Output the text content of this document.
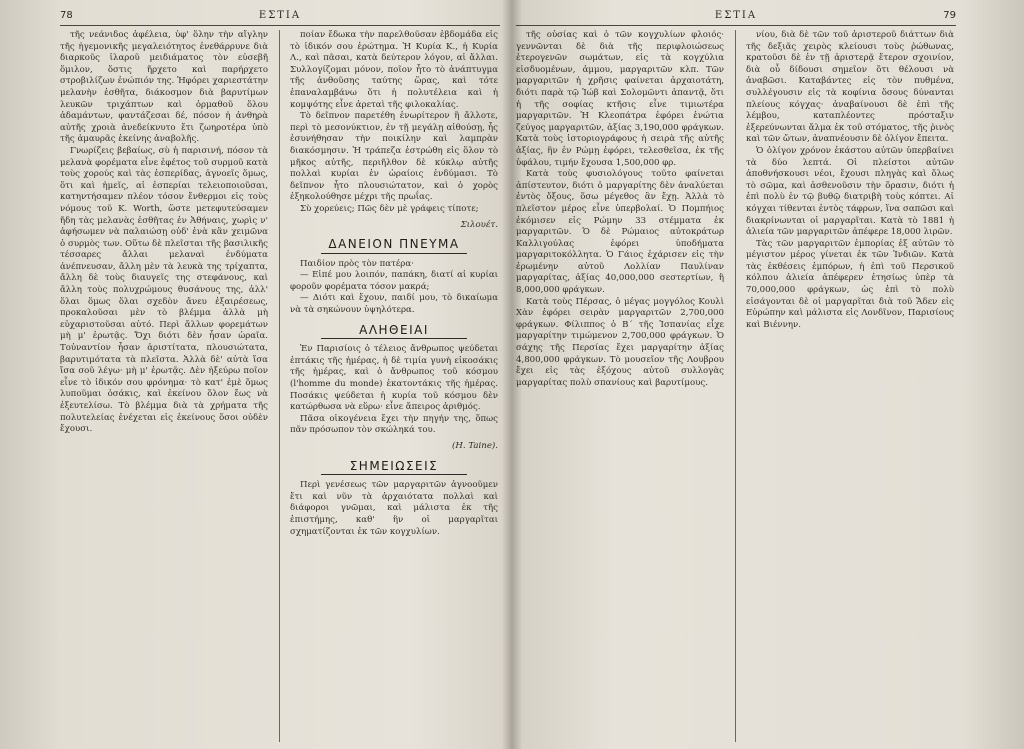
78	ΕΣΤΙΑ

τῆς νεάνιδος ἀφέλεια, ὑφ' ὅλην τὴν αἴγλην τῆς ἡγεμονικῆς μεγαλειότητος ἐνεθάρρυνε διὰ διαρκοῦς ἱλαροῦ μειδιάματος τὸν εὐσεβῆ ὅμιλον, ὅστις ἤρχετο καὶ παρήρχετο στροβιλίζων ἐνώπιόν της. Ἠφόρει χαριεστάτην μελανὴν ἐσθῆτα, διάκοσμον διὰ βαρυτίμων λευκῶν τριχάπτων καὶ ὁρμαθοῦ ὅλου ἀδαμάντων, φαντάζεσαι δέ, πόσον ἡ ἀνθηρὰ αὐτῆς χροιὰ ἀνεδείκνυτο ἔτι ζωηροτέρα ὑπὸ τῆς ἀμαυρᾶς ἐκείνης ἀναβολῆς.

Γνωρίζεις βεβαίως, σὺ ἡ παρισινή, πόσον τὰ μελανὰ φορέματα εἶνε ἐφέτος τοῦ συρμοῦ κατὰ τοὺς χορούς καὶ τὰς ἑσπερίδας, ἀγνοεῖς ὅμως, ὅτι καὶ ἡμεῖς, αἱ ἐσπερίαι τελειοποιοῦσαι, κατηντήσαμεν πλέον τόσον ἔνθερμοι εἰς τοὺς νόμους τοῦ K. Worth, ὥστε μετεφυτεύσαμεν ἤδη τὰς μελανὰς ἐσθῆτας ἐν Ἀθήναις, χωρὶς ν' ἀφήσωμεν νὰ παλαιώσῃ οὐδ' ἐνὰ κἂν χειμῶνα ὁ συρμὸς των. Οὕτω δὲ πλεῖσται τῆς βασιλικῆς τέσσαρες ἄλλαι μελαναὶ ἐνδύματα ἀνέπνευσαν, ἄλλη μὲν τὰ λευκὰ της τρίχαπτα, ἄλλη δὲ τοὺς διαυγεῖς της στεφάνους, καὶ ἄλλη τοὺς πολυχρώμους θυσάνους της, ἀλλ' ὅλαι ὅμως ὅλαι σχεδὸν ἄνευ ἐξαιρέσεως, προκαλοῦσαι μὲν τὸ βλέμμα ἀλλὰ μὴ εὐχαριστοῦσαι αὐτό. Περὶ ἄλλων φορεμάτων μὴ μ' ἐρωτᾷς. Ὄχι διότι δὲν ἦσαν ὡραῖα. Τοὐναντίον ἦσαν ἀριστίτατα, πλουσιώτατα, βαρυτιμότατα τὰ πλεῖστα. Ἀλλὰ δὲ' αὐτὰ ἴσα ἴσα σοῦ λέγω· μὴ μ' ἐρωτᾷς. Δὲν ἠξεύρω ποῖον εἶνε τὸ ἰδικόν σου φρόνημα· τὸ κατ' ἐμὲ ὅμως λυποῦμαι ὁσάκις, καὶ ἐκείνου ὅλον ἔως νὰ ἐξευτελίσω. Τὸ βλέμμα διὰ τὰ χρήματα τῆς πολυτελείας ἐνέχεται εἰς ἐκείνους ὅσοι οὐδὲν ἔχουσι.

ποίαν ἔδωκα τὴν παρελθοῦσαν ἑβδομάδα εἰς τὸ ἰδικόν σου ἐρώτημα. Ἡ Κυρία Κ., ἡ Κυρία Λ., καὶ πᾶσαι, κατὰ δεύτερον λόγον, αἱ ἄλλαι. Συλλογίζομαι μόνον, ποῖον ἦτο τὸ ἀνάπτυγμα τῆς ἀνθοῦσης ταύτης ὥρας, καὶ τότε ἐπαναλαμβάνω ὅτι ἡ πολυτέλεια καὶ ἡ κομψότης εἶνε ἀρεταὶ τῆς φιλοκαλίας.

Τὸ δεῖπνον παρετέθη ἐνωρίτερον ἢ ἄλλοτε, περὶ τὸ μεσονύκτιον, ἐν τῇ μεγάλῃ αἰθούσῃ, ἧς ἐσυνήθησαν τὴν ποικίλην καὶ λαμπρὰν διακόσμησιν. Ἡ τράπεζα ἐστρώθη εἰς ὅλον τὸ μῆκος αὐτῆς, περιῆλθον δὲ κύκλῳ αὐτῆς πολλαὶ κυρίαι ἐν ὡραίοις ἐνδύμασι. Τὸ δεῖπνον ἦτο πλουσιώτατον, καὶ ὁ χορὸς ἐξηκολούθησε μέχρι τῆς πρωΐας.

Σὺ χορεύεις; Πῶς δὲν μὲ γράφεις τίποτε;

Σιλουέτ.

ΔΑΝΕΙΟΝ ΠΝΕΥΜΑ

Παιδίον πρὸς τὸν πατέρα·

— Εἰπέ μου λοιπόν, παπάκη, διατί αἱ κυρίαι φοροῦν φορέματα τόσον μακρά;

— Διότι καὶ ἔχουν, παιδί μου, τὸ δικαίωμα νὰ τὰ σηκώνουν ὑψηλότερα.

ΑΛΗΘΕΙΑΙ

Ἐν Παρισίοις ὁ τέλειος ἄνθρωπος ψεύδεται ἑπτάκις τῆς ἡμέρας, ἡ δὲ τιμία γυνὴ εἰκοσάκις τῆς ἡμέρας, καὶ ὁ ἄνθρωπος τοῦ κόσμου (l'homme du monde) ἑκατοντάκις τῆς ἡμέρας. Ποσάκις ψεύδεται ἡ κυρία τοῦ κόσμου δὲν κατώρθωσα νὰ εὕρω· εἶνε ἄπειρος ἀριθμός.

Πᾶσα οἰκογένεια ἔχει τὴν πηγήν της, ὅπως πᾶν πρόσωπον τὸν σκώληκά του.

(H. Taine).

ΣΗΜΕΙΩΣΕΙΣ

Περὶ γενέσεως τῶν μαργαριτῶν ἀγνοοῦμεν ἔτι καὶ νῦν τὰ ἀρχαιότατα πολλαὶ καὶ διάφοροι γνῶμαι, καὶ μάλιστα ἐκ τῆς ἐπιστήμης, καθ' ἣν οἱ μαργαρῖται σχηματίζονται ἐκ τῶν κογχυλίων.

ΕΣΤΙΑ	79

τῆς οὐσίας καὶ ὁ τῶν κογχυλίων φλοιός· γεννῶνται δὲ διὰ τῆς περιφλοιώσεως ἑτερογενῶν σωμάτων, εἰς τὰ κογχύλια εἰσδυομένων, ἀμμου, μαργαριτῶν κλπ. Τῶν μαργαριτῶν ἡ χρῆσις φαίνεται ἀρχαιοτάτη, διότι παρὰ τῷ Ἰώβ καὶ Σολομῶντι ἀπαντᾷ, ὅτι ἡ τῆς σοφίας κτῆσις εἶνε τιμιωτέρα μαργαριτῶν. Ἡ Κλεοπάτρα ἐφόρει ἐνώτια ζεύγος μαργαριτῶν, ἀξίας 3,190,000 φράγκων. Κατὰ τοὺς ἱστοριογράφους ἡ σειρὰ τῆς αὐτῆς ἀξίας, ἣν ἐν Ρώμῃ ἐφόρει, τελεσθεῖσα, ἐκ τῆς ὑφάλου, τιμήν ἔχουσα 1,500,000 φρ.

Κατὰ τοὺς φυσιολόγους τοῦτο φαίνεται ἀπίστευτον, διότι ὁ μαργαρίτης δὲν ἀναλύεται ἐντὸς ὄξους, ὅσω μέγεθος ἂν ἔχῃ. Ἀλλὰ τὸ πλεῖστον μέρος εἶνε ὑπερβολαί. Ὁ Πομπήιος ἐκόμισεν εἰς Ρώμην 33 στέμματα ἐκ μαργαριτῶν. Ὁ δὲ Ρώμαιος αὐτοκράτωρ Καλλιγούλας ἐφόρει ὑποδήματα μαργαριτοκόλλητα. Ὁ Γάιος ἐχάρισεν εἰς τὴν ἐρωμένην αὐτοῦ Λολλίαν Παυλίναν μαργαρίτας, ἀξίας 40,000,000 σεστερτίων, ἢ 8,000,000 φράγκων.

Κατὰ τοὺς Πέρσας, ὁ μέγας μογγόλος Κουλὶ Χὰν ἐφόρει σειρὰν μαργαριτῶν 2,700,000 φράγκων. Φίλιππος ὁ Β΄ τῆς Ἱσπανίας εἶχε μαργαρίτην τιμώμενον 2,700,000 φράγκων. Ὁ σάχης τῆς Περσίας ἔχει μαργαρίτην ἀξίας 4,800,000 φράγκων. Τὸ μουσεῖον τῆς Λουβρου ἔχει εἰς τὰς ἐξόχους αὐτοῦ συλλογὰς μαργαρίτας πολὺ σπανίους καὶ βαρυτίμους.

νίου, διὰ δὲ τῶν τοῦ ἀριστεροῦ διάττων διὰ τῆς δεξιᾶς χειρὸς κλείουσι τοὺς ῥώθωνας, κρατοῦσι δὲ ἐν τῇ ἀριστερᾷ ἕτερον σχοινίον, διὰ οὗ δίδουσι σημεῖον ὅτι θέλουσι νὰ ἀναβῶσι. Καταβάντες εἰς τὸν πυθμένα, συλλέγουσιν εἰς τὰ κοφίνια ὅσους δύνανται πλείους κόγχας· ἀναβαίνουσι δὲ ἐπὶ τῆς λέμβου, καταπλέοντες πρόσταξιν ἐξερεύνωνται ἄλμα ἐκ τοῦ στόματος, τῆς ῥινὸς καὶ τῶν ὤτων, ἀναπνέουσιν δὲ ὀλίγον ἔπειτα.

Ὁ ὀλίγον χρόνον ἑκάστου αὐτῶν ὑπερβαίνει τὰ δύο λεπτά. Οἱ πλείστοι αὐτῶν ἀποθνήσκουσι νέοι, ἔχουσι πληγὰς καὶ ὅλως τὸ σῶμα, καὶ ἀσθενοῦσιν τὴν ὅρασιν, διότι ἡ ἐπὶ πολὺ ἐν τῷ βυθῷ διατριβὴ τοὺς κόπτει. Αἱ κόγχαι τίθενται ἐντὸς τάφρων, ἵνα σαπῶσι καὶ διακρίνωνται οἱ μαργαρῖται. Κατὰ τὸ 1881 ἡ ἀλιεία τῶν μαργαριτῶν ἀπέφερε 18,000 λιρῶν.

Τὰς τῶν μαργαριτῶν ἐμπορίας ἐξ αὐτῶν τὸ μέγιστον μέρος γίνεται ἐκ τῶν Ἰνδιῶν. Κατὰ τὰς ἐκθέσεις ἐμπόρων, ἡ ἐπὶ τοῦ Περσικοῦ κόλπου ἀλιεία ἀπέφερεν ἐτησίως ὑπὲρ τὰ 70,000,000 φράγκων, ὡς ἐπὶ τὸ πολὺ εἰσάγονται δὲ οἱ μαργαρῖται διὰ τοῦ Ἄδεν εἰς Εὐρώπην καὶ μάλιστα εἰς Λονδῖνον, Παρισίους καὶ Βιέννην.
